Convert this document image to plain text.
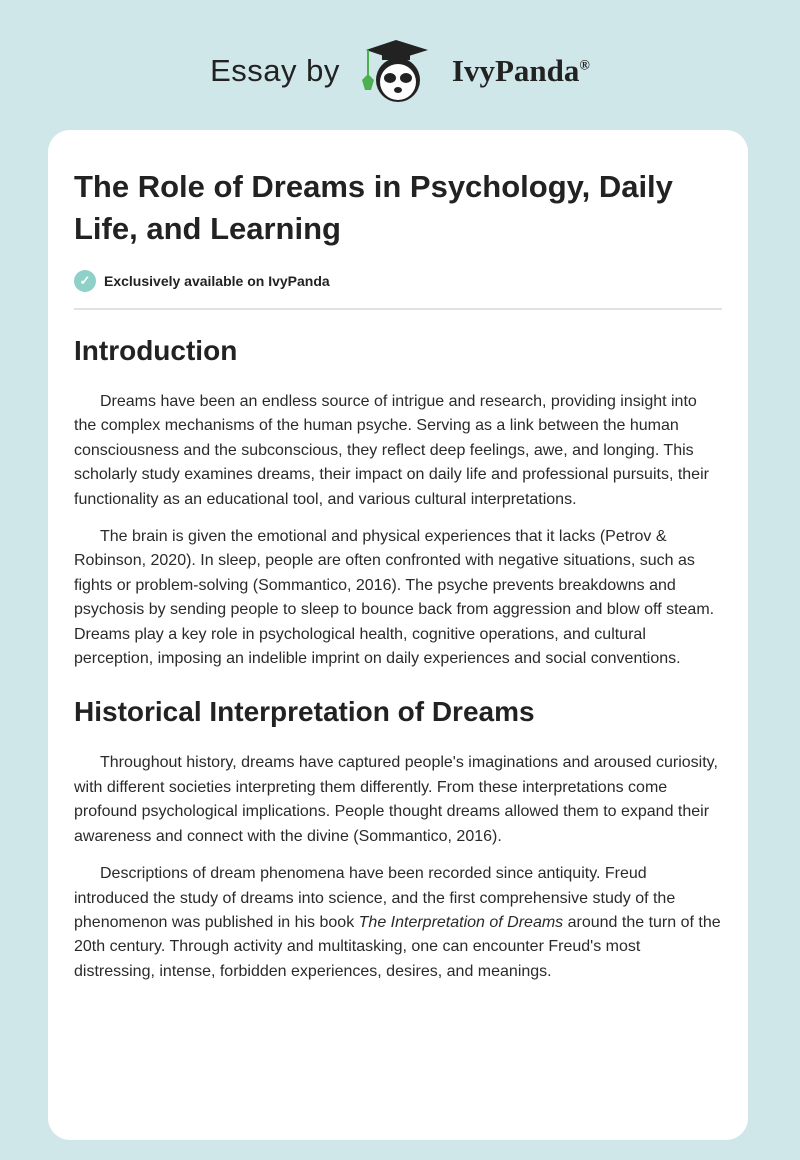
Essay by	IvyPanda®
The Role of Dreams in Psychology, Daily Life, and Learning
✓ Exclusively available on IvyPanda
Introduction

Dreams have been an endless source of intrigue and research, providing insight into the complex mechanisms of the human psyche. Serving as a link between the human consciousness and the subconscious, they reflect deep feelings, awe, and longing. This scholarly study examines dreams, their impact on daily life and professional pursuits, their functionality as an educational tool, and various cultural interpretations.

The brain is given the emotional and physical experiences that it lacks (Petrov & Robinson, 2020). In sleep, people are often confronted with negative situations, such as fights or problem-solving (Sommantico, 2016). The psyche prevents breakdowns and psychosis by sending people to sleep to bounce back from aggression and blow off steam. Dreams play a key role in psychological health, cognitive operations, and cultural perception, imposing an indelible imprint on daily experiences and social conventions.

Historical Interpretation of Dreams

Throughout history, dreams have captured people's imaginations and aroused curiosity, with different societies interpreting them differently. From these interpretations come profound psychological implications. People thought dreams allowed them to expand their awareness and connect with the divine (Sommantico, 2016).

Descriptions of dream phenomena have been recorded since antiquity. Freud introduced the study of dreams into science, and the first comprehensive study of the phenomenon was published in his book The Interpretation of Dreams around the turn of the 20th century. Through activity and multitasking, one can encounter Freud's most distressing, intense, forbidden experiences, desires, and meanings.
